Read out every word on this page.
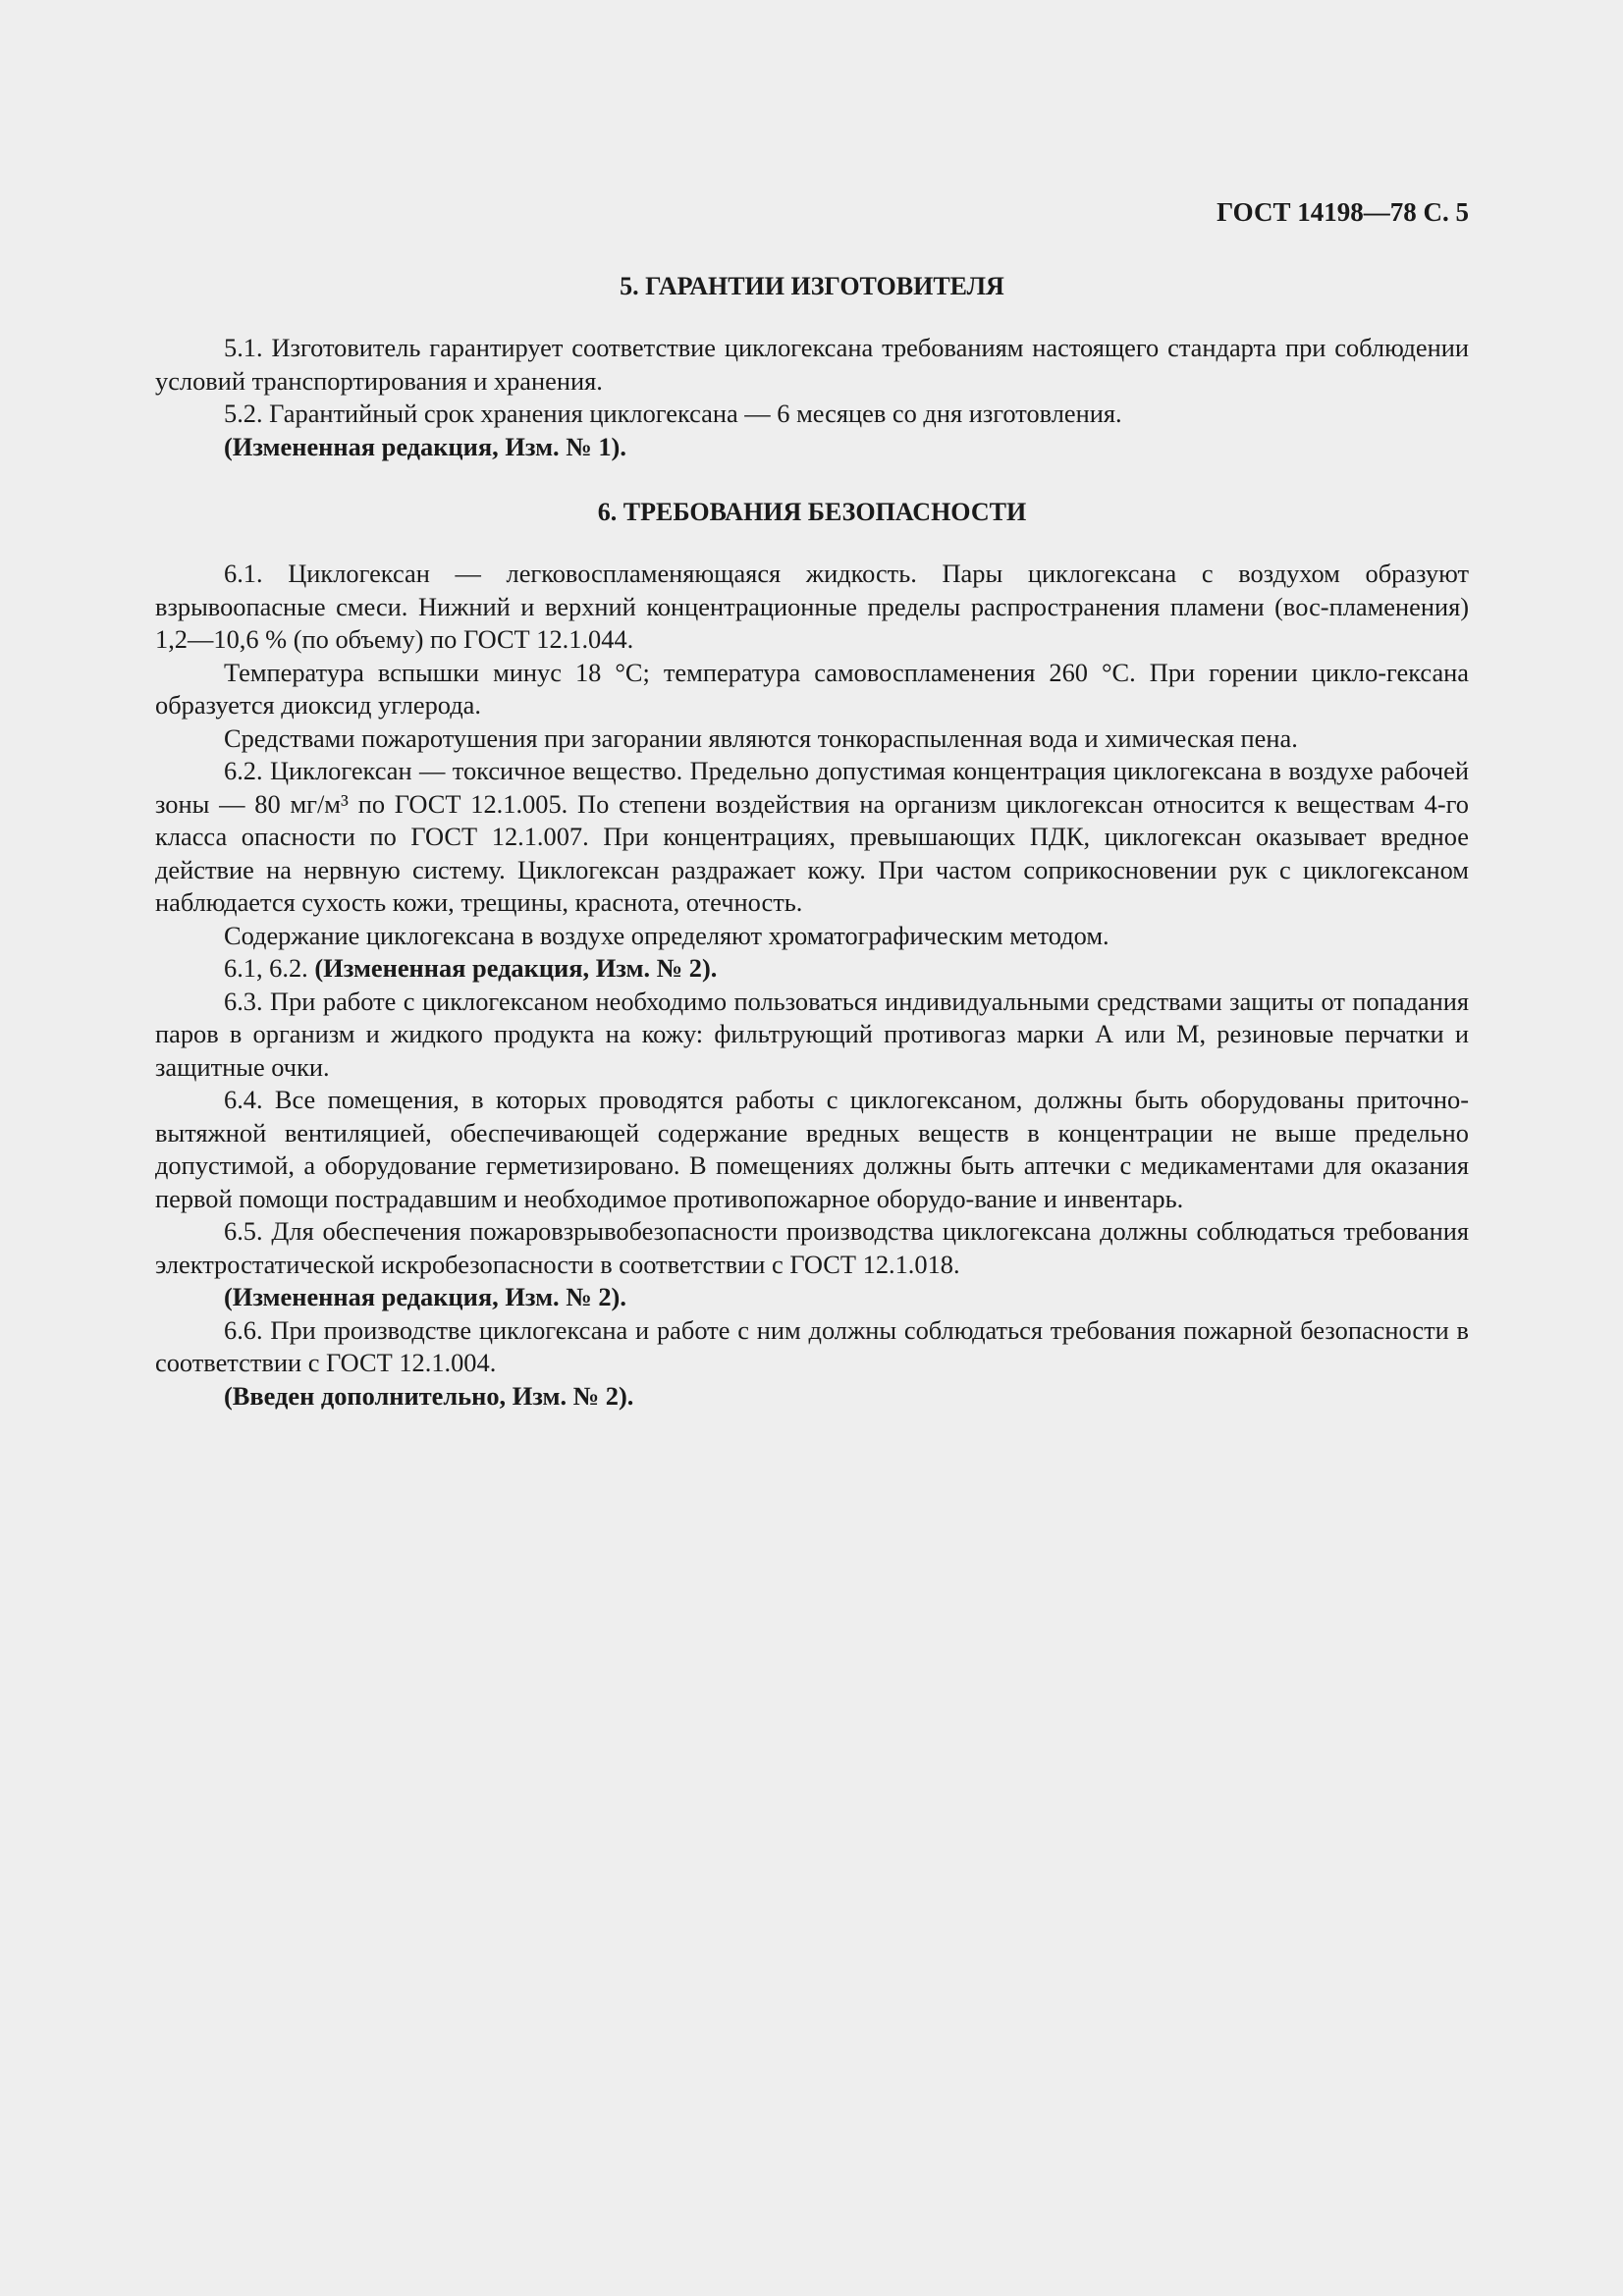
ГОСТ 14198—78 С. 5
5. ГАРАНТИИ ИЗГОТОВИТЕЛЯ

5.1. Изготовитель гарантирует соответствие циклогексана требованиям настоящего стандарта при соблюдении условий транспортирования и хранения.

5.2. Гарантийный срок хранения циклогексана — 6 месяцев со дня изготовления.

(Измененная редакция, Изм. № 1).

6. ТРЕБОВАНИЯ БЕЗОПАСНОСТИ

6.1. Циклогексан — легковоспламеняющаяся жидкость. Пары циклогексана с воздухом образуют взрывоопасные смеси. Нижний и верхний концентрационные пределы распространения пламени (вос-пламенения) 1,2—10,6 % (по объему) по ГОСТ 12.1.044.

Температура вспышки минус 18 °С; температура самовоспламенения 260 °С. При горении цикло-гексана образуется диоксид углерода.

Средствами пожаротушения при загорании являются тонкораспыленная вода и химическая пена.

6.2. Циклогексан — токсичное вещество. Предельно допустимая концентрация циклогексана в воздухе рабочей зоны — 80 мг/м³ по ГОСТ 12.1.005. По степени воздействия на организм циклогексан относится к веществам 4-го класса опасности по ГОСТ 12.1.007. При концентрациях, превышающих ПДК, циклогексан оказывает вредное действие на нервную систему. Циклогексан раздражает кожу. При частом соприкосновении рук с циклогексаном наблюдается сухость кожи, трещины, краснота, отечность.

Содержание циклогексана в воздухе определяют хроматографическим методом.

6.1, 6.2. (Измененная редакция, Изм. № 2).

6.3. При работе с циклогексаном необходимо пользоваться индивидуальными средствами защиты от попадания паров в организм и жидкого продукта на кожу: фильтрующий противогаз марки А или М, резиновые перчатки и защитные очки.

6.4. Все помещения, в которых проводятся работы с циклогексаном, должны быть оборудованы приточно-вытяжной вентиляцией, обеспечивающей содержание вредных веществ в концентрации не выше предельно допустимой, а оборудование герметизировано. В помещениях должны быть аптечки с медикаментами для оказания первой помощи пострадавшим и необходимое противопожарное оборудо-вание и инвентарь.

6.5. Для обеспечения пожаровзрывобезопасности производства циклогексана должны соблюдаться требования электростатической искробезопасности в соответствии с ГОСТ 12.1.018.

(Измененная редакция, Изм. № 2).

6.6. При производстве циклогексана и работе с ним должны соблюдаться требования пожарной безопасности в соответствии с ГОСТ 12.1.004.

(Введен дополнительно, Изм. № 2).
